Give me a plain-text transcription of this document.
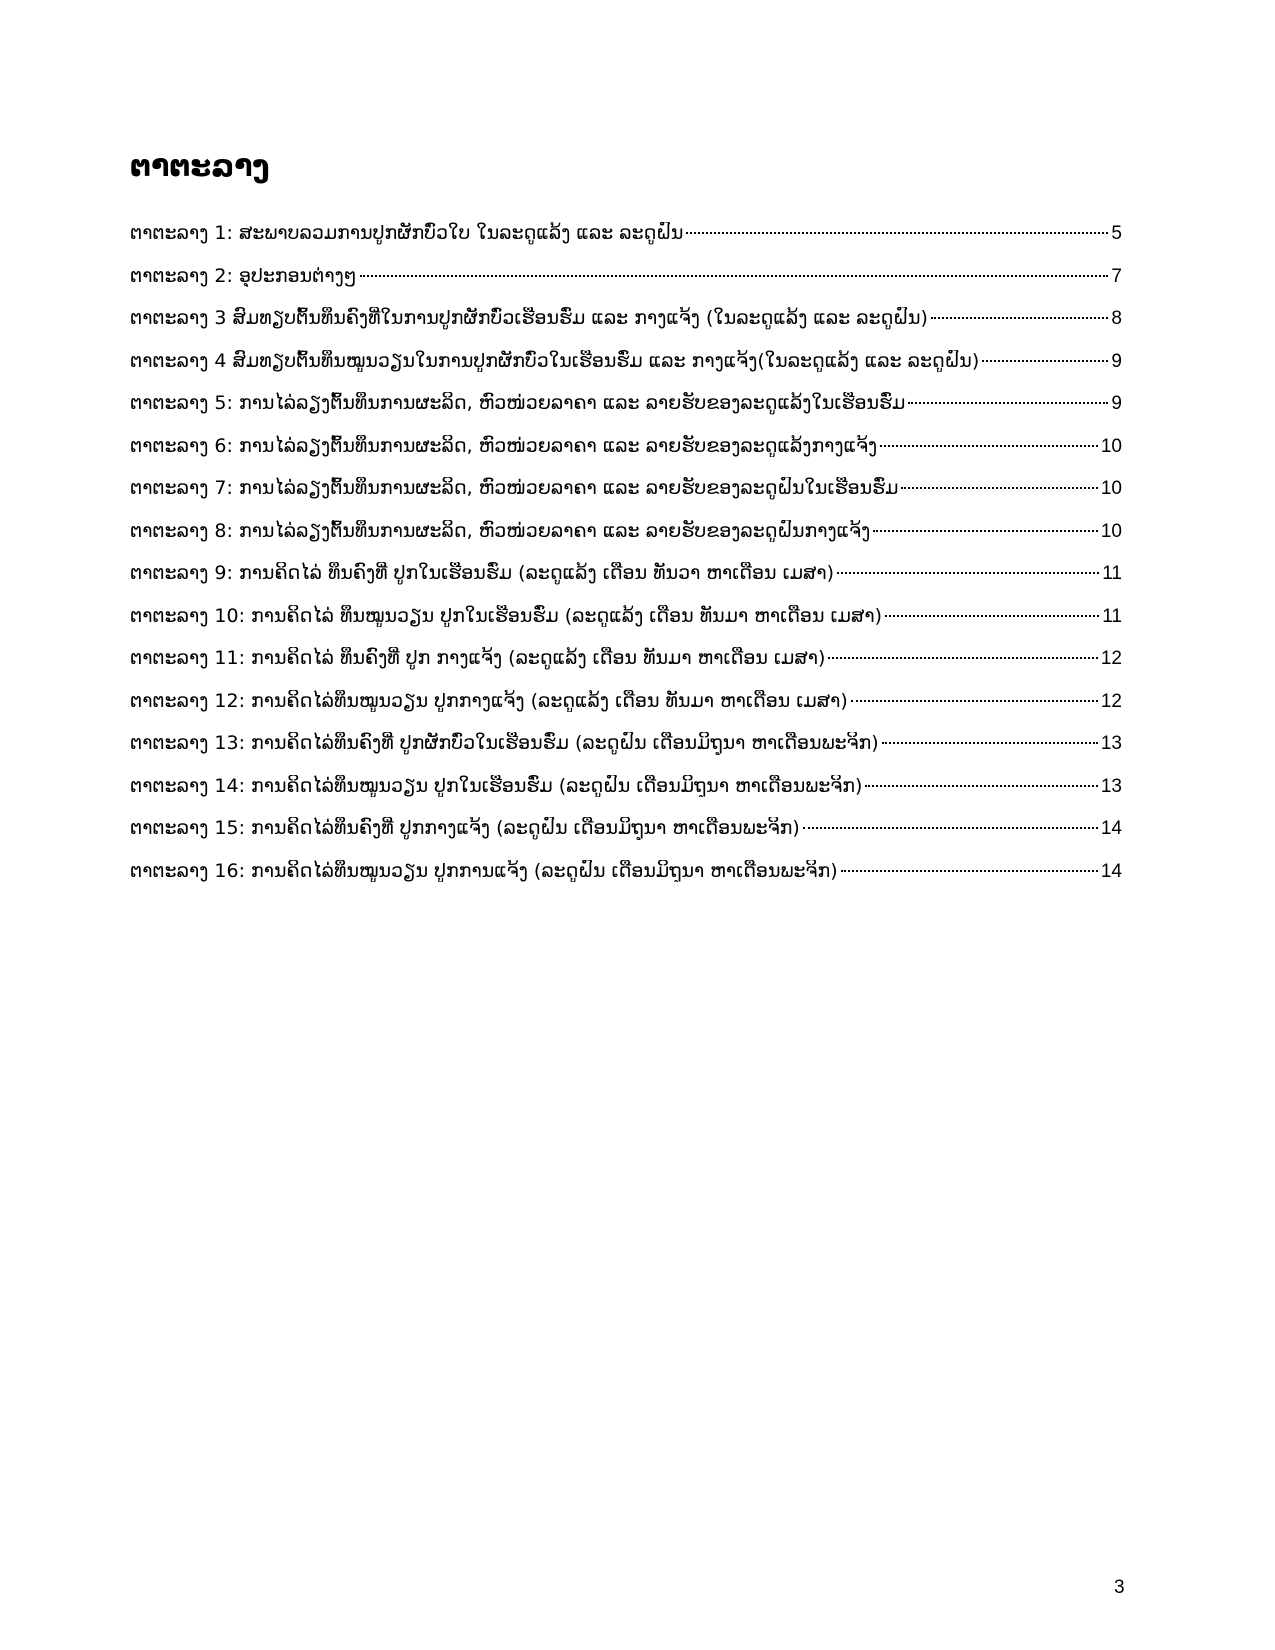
ຕາຕະລາງ
ຕາຕະລາງ 1: ສະພາບລວມການປູກຜັກບົ່ວໃບ ໃນລະດູແລ້ງ ແລະ ລະດູຝົນ	5
ຕາຕະລາງ 2: ອຸປະກອນຕ່າງໆ	7
ຕາຕະລາງ 3 ສົມທຽບຕົ້ນທຶນຄົງທີ່ໃນການປູກຜັກບົ່ວເຮືອນຮົ່ມ ແລະ ກາງແຈ້ງ (ໃນລະດູແລ້ງ ແລະ ລະດູຝົນ)	8
ຕາຕະລາງ 4 ສົມທຽບຕົ້ນທຶນໝູນວຽນໃນການປູກຜັກບົ່ວໃນເຮືອນຮົ່ມ ແລະ ກາງແຈ້ງ(ໃນລະດູແລ້ງ ແລະ ລະດູຝົນ)	9
ຕາຕະລາງ 5: ການໄລ່ລຽງຕົ້ນທຶນການຜະລິດ, ຫົວໜ່ວຍລາຄາ ແລະ ລາຍຮັບຂອງລະດູແລ້ງໃນເຮືອນຮົ່ມ	9
ຕາຕະລາງ 6: ການໄລ່ລຽງຕົ້ນທຶນການຜະລິດ, ຫົວໜ່ວຍລາຄາ ແລະ ລາຍຮັບຂອງລະດູແລ້ງກາງແຈ້ງ	10
ຕາຕະລາງ 7: ການໄລ່ລຽງຕົ້ນທຶນການຜະລິດ, ຫົວໜ່ວຍລາຄາ ແລະ ລາຍຮັບຂອງລະດູຝົນໃນເຮືອນຮົ່ມ	10
ຕາຕະລາງ 8: ການໄລ່ລຽງຕົ້ນທຶນການຜະລິດ, ຫົວໜ່ວຍລາຄາ ແລະ ລາຍຮັບຂອງລະດູຝົນກາງແຈ້ງ	10
ຕາຕະລາງ 9: ການຄິດໄລ່ ທຶນຄົງທີ່ ປູກໃນເຮືອນຮົ່ມ (ລະດູແລ້ງ ເດືອນ ທັນວາ ຫາເດືອນ ເມສາ)	11
ຕາຕະລາງ 10: ການຄິດໄລ່ ທຶນໝູນວຽນ ປູກໃນເຮືອນຮົ່ມ (ລະດູແລ້ງ ເດືອນ ທັນມາ ຫາເດືອນ ເມສາ)	11
ຕາຕະລາງ 11: ການຄິດໄລ່ ທຶນຄົງທີ່ ປູກ ກາງແຈ້ງ (ລະດູແລ້ງ ເດືອນ ທັນມາ ຫາເດືອນ ເມສາ)	12
ຕາຕະລາງ 12: ການຄິດໄລ່ທຶນໝູນວຽນ ປູກກາງແຈ້ງ (ລະດູແລ້ງ ເດືອນ ທັນມາ ຫາເດືອນ ເມສາ)	12
ຕາຕະລາງ 13: ການຄິດໄລ່ທຶນຄົງທີ່ ປູກຜັກບົ່ວໃນເຮືອນຮົ່ມ (ລະດູຝົນ ເດືອນມິຖຸນາ ຫາເດືອນພະຈິກ)	13
ຕາຕະລາງ 14: ການຄິດໄລ່ທຶນໝູນວຽນ ປູກໃນເຮືອນຮົ່ມ (ລະດູຝົນ ເດືອນມິຖຸນາ ຫາເດືອນພະຈິກ)	13
ຕາຕະລາງ 15: ການຄິດໄລ່ທຶນຄົງທີ່ ປູກກາງແຈ້ງ (ລະດູຝົນ ເດືອນມິຖຸນາ ຫາເດືອນພະຈິກ)	14
ຕາຕະລາງ 16: ການຄິດໄລ່ທຶນໝູນວຽນ ປູກການແຈ້ງ (ລະດູຝົນ ເດືອນມິຖຸນາ ຫາເດືອນພະຈິກ)	14
3
